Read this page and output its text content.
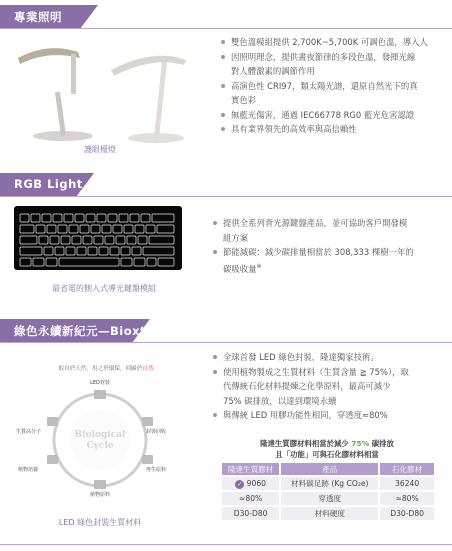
專業照明
護眼檯燈
雙色溫模組提供 2,700K~5,700K 可調色溫，導入人
因照明理念，提供晝夜節律的多段色溫，發揮光線
對人體激素的調節作用
高演色性 CRI97，類太陽光譜，還原自然光下的真
實色彩
無藍光傷害，通過 IEC66778 RG0 藍光危害認證
具有業界領先的高效率與高信賴性
RGB Light
最省電的側入式導光鍵盤模組
提供全系列背光源鍵盤產品，並可協助客戶開發模
組方案
節能減碳：減少碳排量相當於 308,333 棵樹一年的
碳吸收量※
綠色永續新紀元—Bioxtar
取自於天然，用之於環保，回歸於自然
Biological
Cycle
LED封裝
封裝回收
再生原料
植物原料
植物培養
生質高分子
LED 綠色封裝生質材料
全球首發 LED 綠色封裝，隆達獨家技術。
使用植物製成之生質材料（生質含量 ≧ 75%），取
代傳統石化材料提煉之化學原料，最高可減少
75% 碳排放，以達到環境永續
與傳統 LED 用膠功能性相同，穿透度≈80%
隆達生質膠材料相當於減少 75% 碳排放
且「功能」可與石化膠材料相當
隆達生質膠材	產品	石化膠材
✓ 9060	材料碳足跡 (Kg CO₂e)	36240
≈80%	穿透度	≈80%
D30-D80	材料硬度	D30-D80
